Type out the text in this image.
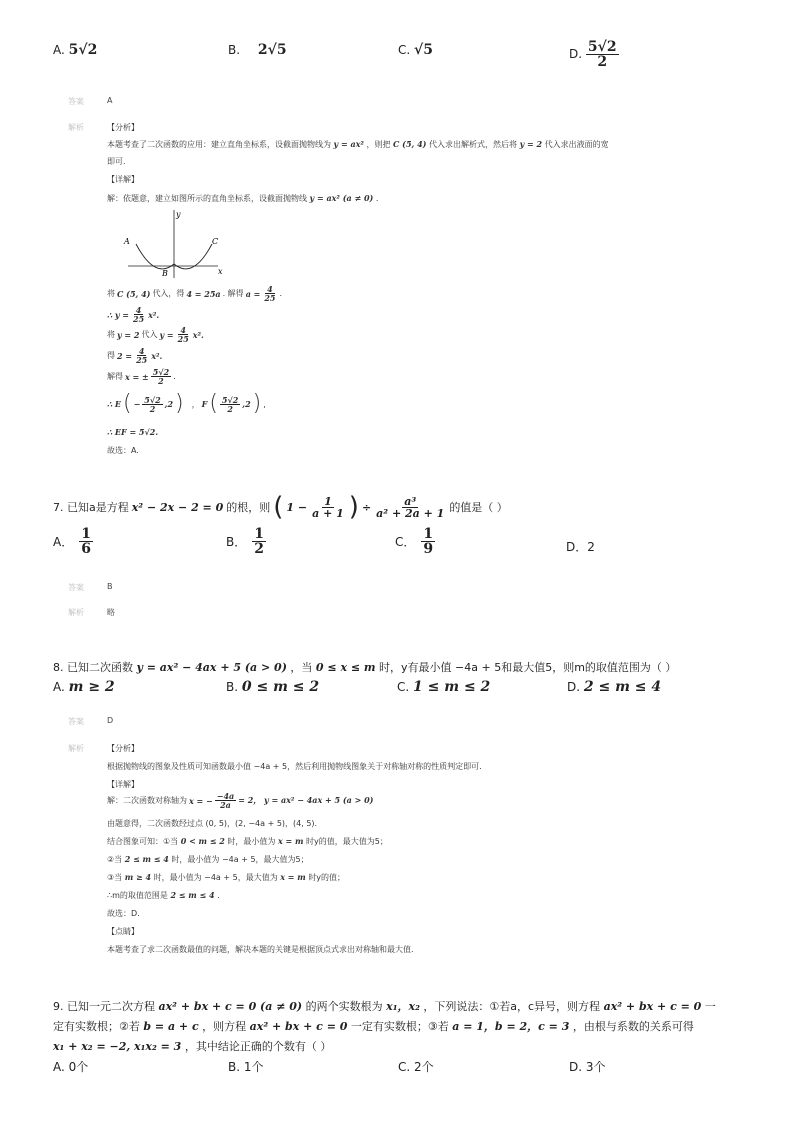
A. 5√2	B. 2√5	C. √5	D. $\frac{5√2}{2}$
答案	A
解析	【分析】
本题考查了二次函数的应用：建立直角坐标系，设截面抛物线为 y = ax² ，则把 C (5, 4) 代入求出解析式，然后将 y = 2 代入求出液面的宽
即可.
【详解】
解：依题意，建立如图所示的直角坐标系，设截面抛物线 y = ax² (a ≠ 0) .
y
x
A
B
C
将 C (5, 4) 代入，得 4 = 25a . 解得 $a = \frac{4}{25}$ .
∴ $y = \frac{4}{25} x^2$.
将 y = 2 代入 $y = \frac{4}{25} x^2$.
得 $2 = \frac{4}{25} x^2$.
解得 x = ± $\frac{5√2}{2}$ .
∴ E ( − $\frac{5√2}{2} ,2$ ) ， F ( $\frac{5√2}{2} ,2$ ) ,
∴ EF = 5√2.
故选：A.
7. 已知a是方程 x² − 2x − 2 = 0 的根，则 ( $1 - \frac{1}{a + 1}$ ) ÷ $\frac{\text{a³}}{\text{a² + 2a + 1}}$ 的值是（ ）
A． $\frac{1}{6}$	B． $\frac{1}{2}$	C． $\frac{1}{9}$	D．2
答案	B
解析	略
8. 已知二次函数 y = ax² − 4ax + 5 (a > 0) ，当 0 ≤ x ≤ m 时，y有最小值 −4a + 5和最大值5，则m的取值范围为（ ）
A. m ≥ 2	B. 0 ≤ m ≤ 2	C. 1 ≤ m ≤ 2	D. 2 ≤ m ≤ 4
答案	D
解析	【分析】
根据抛物线的图象及性质可知函数最小值 −4a + 5，然后利用抛物线图象关于对称轴对称的性质判定即可.
【详解】
解：二次函数对称轴为 x = − $\frac{-4a}{2a} = 2$， y = ax² − 4ax + 5 (a > 0)
由题意得，二次函数经过点 (0, 5)，(2, −4a + 5)，(4, 5).
结合图象可知：①当 0 < m ≤ 2 时，最小值为 x = m 时y的值，最大值为5；
②当 2 ≤ m ≤ 4 时，最小值为 −4a + 5，最大值为5；
③当 m ≥ 4 时，最小值为 −4a + 5，最大值为 x = m 时y的值；
∴m的取值范围是 2 ≤ m ≤ 4 .
故选：D.
【点睛】
本题考查了求二次函数最值的问题，解决本题的关键是根据顶点式求出对称轴和最大值.
9. 已知一元二次方程 ax² + bx + c = 0 (a ≠ 0) 的两个实数根为 x₁，x₂ ，下列说法：①若a，c异号，则方程 ax² + bx + c = 0 一
定有实数根；②若 b = a + c ，则方程 ax² + bx + c = 0 一定有实数根；③若 a = 1，b = 2，c = 3 ，由根与系数的关系可得
x₁ + x₂ = −2, x₁x₂ = 3 ，其中结论正确的个数有（ ）
A. 0个	B. 1个	C. 2个	D. 3个
